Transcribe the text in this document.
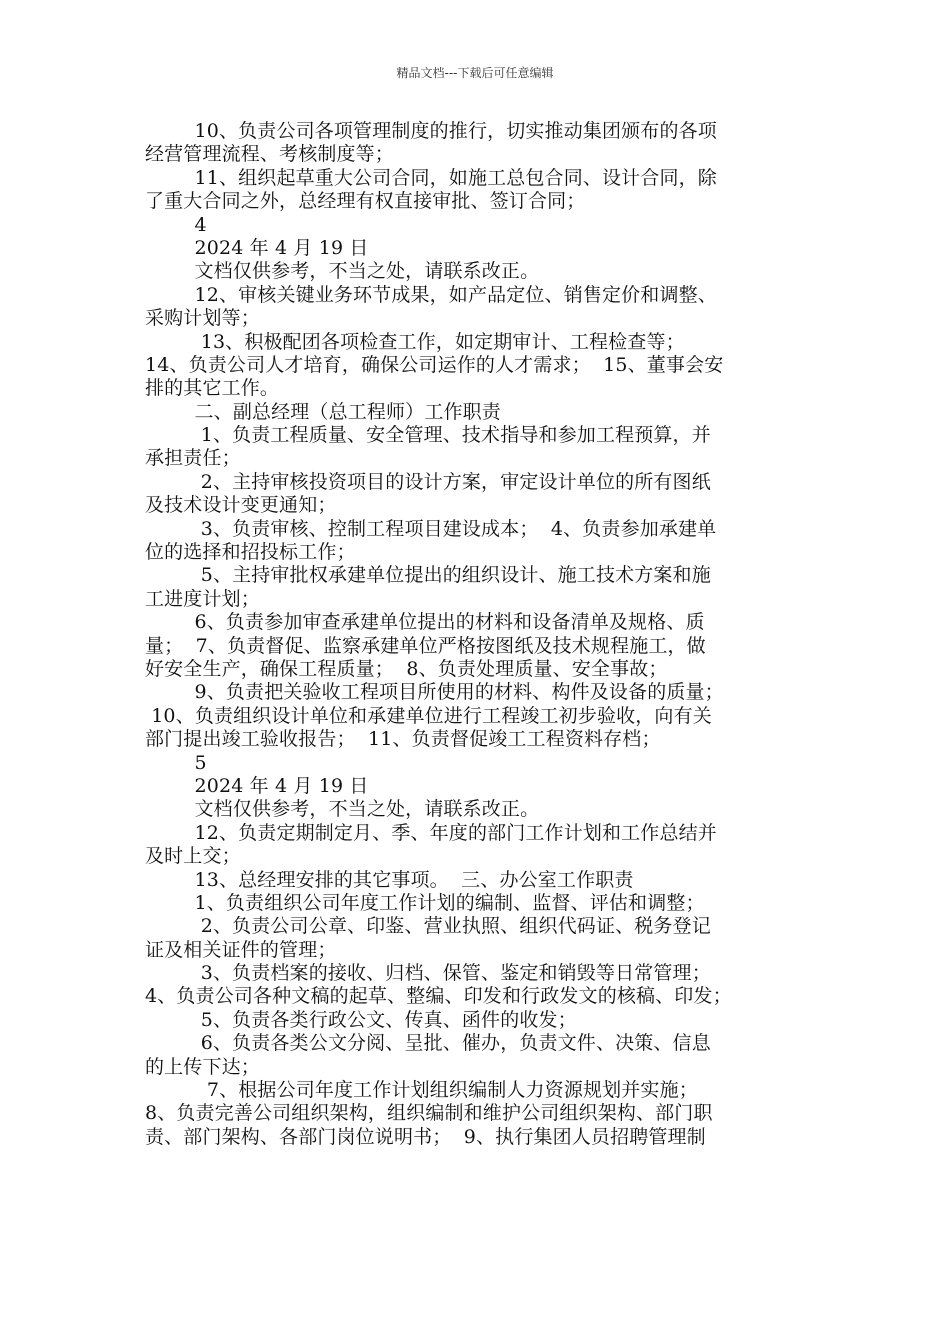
精品文档---下载后可任意编辑
10、负责公司各项管理制度的推行，切实推动集团颁布的各项
经营管理流程、考核制度等；
11、组织起草重大公司合同，如施工总包合同、设计合同，除
了重大合同之外，总经理有权直接审批、签订合同；
4
2024 年 4 月 19 日
文档仅供参考，不当之处，请联系改正。
12、审核关键业务环节成果，如产品定位、销售定价和调整、
采购计划等；
13、积极配团各项检查工作，如定期审计、工程检查等；
14、负责公司人才培育，确保公司运作的人才需求；  15、董事会安
排的其它工作。
二、副总经理（总工程师）工作职责
1、负责工程质量、安全管理、技术指导和参加工程预算，并
承担责任；
2、主持审核投资项目的设计方案，审定设计单位的所有图纸
及技术设计变更通知；
3、负责审核、控制工程项目建设成本；  4、负责参加承建单
位的选择和招投标工作；
5、主持审批权承建单位提出的组织设计、施工技术方案和施
工进度计划；
6、负责参加审查承建单位提出的材料和设备清单及规格、质
量；  7、负责督促、监察承建单位严格按图纸及技术规程施工，做
好安全生产，确保工程质量；  8、负责处理质量、安全事故；
9、负责把关验收工程项目所使用的材料、构件及设备的质量；
10、负责组织设计单位和承建单位进行工程竣工初步验收，向有关
部门提出竣工验收报告；  11、负责督促竣工工程资料存档；
5
2024 年 4 月 19 日
文档仅供参考，不当之处，请联系改正。
12、负责定期制定月、季、年度的部门工作计划和工作总结并
及时上交；
13、总经理安排的其它事项。  三、办公室工作职责
1、负责组织公司年度工作计划的编制、监督、评估和调整；
2、负责公司公章、印鉴、营业执照、组织代码证、税务登记
证及相关证件的管理；
3、负责档案的接收、归档、保管、鉴定和销毁等日常管理；
4、负责公司各种文稿的起草、整编、印发和行政发文的核稿、印发；
5、负责各类行政公文、传真、函件的收发；
6、负责各类公文分阅、呈批、催办，负责文件、决策、信息
的上传下达；
7、根据公司年度工作计划组织编制人力资源规划并实施；
8、负责完善公司组织架构，组织编制和维护公司组织架构、部门职
责、部门架构、各部门岗位说明书；  9、执行集团人员招聘管理制
